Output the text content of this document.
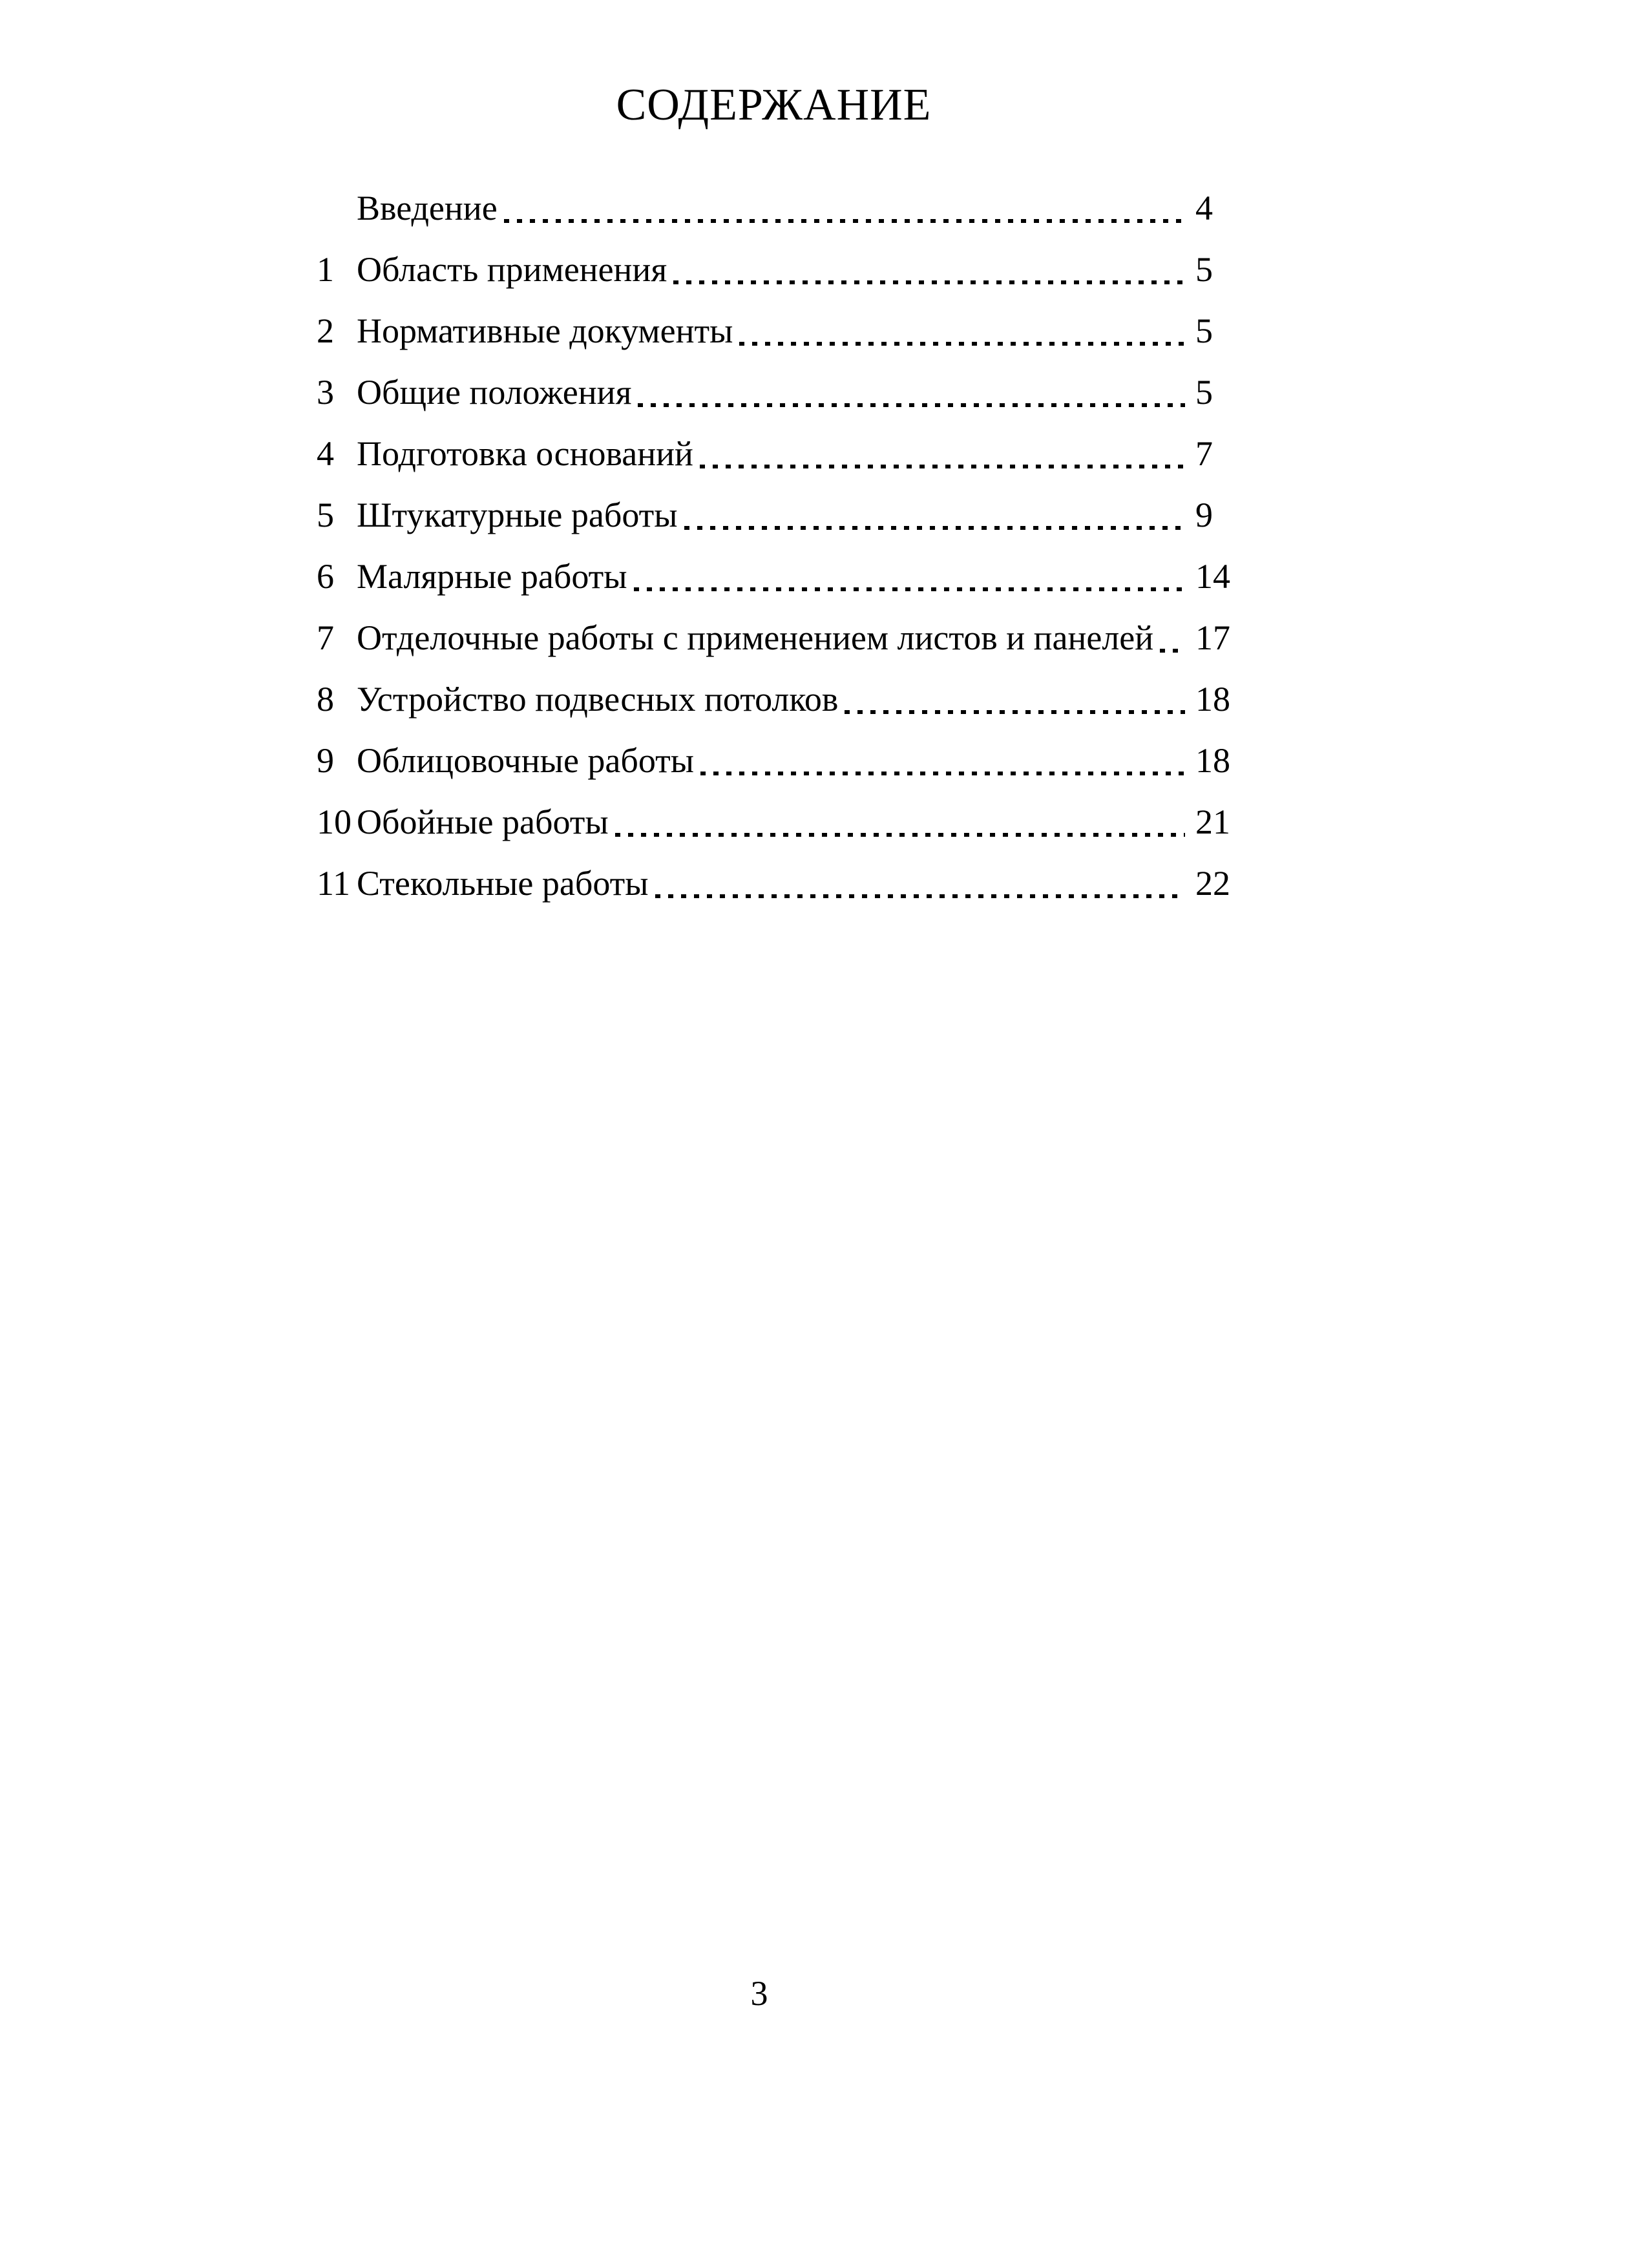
СОДЕРЖАНИЕ
Введение	4
1 Область применения	5
2 Нормативные документы	5
3 Общие положения	5
4 Подготовка оснований	7
5 Штукатурные работы	9
6 Малярные работы	14
7 Отделочные работы с применением листов и панелей 17
8 Устройство подвесных потолков	18
9 Облицовочные работы	18
10 Обойные работы	21
11 Стекольные работы	22
3
